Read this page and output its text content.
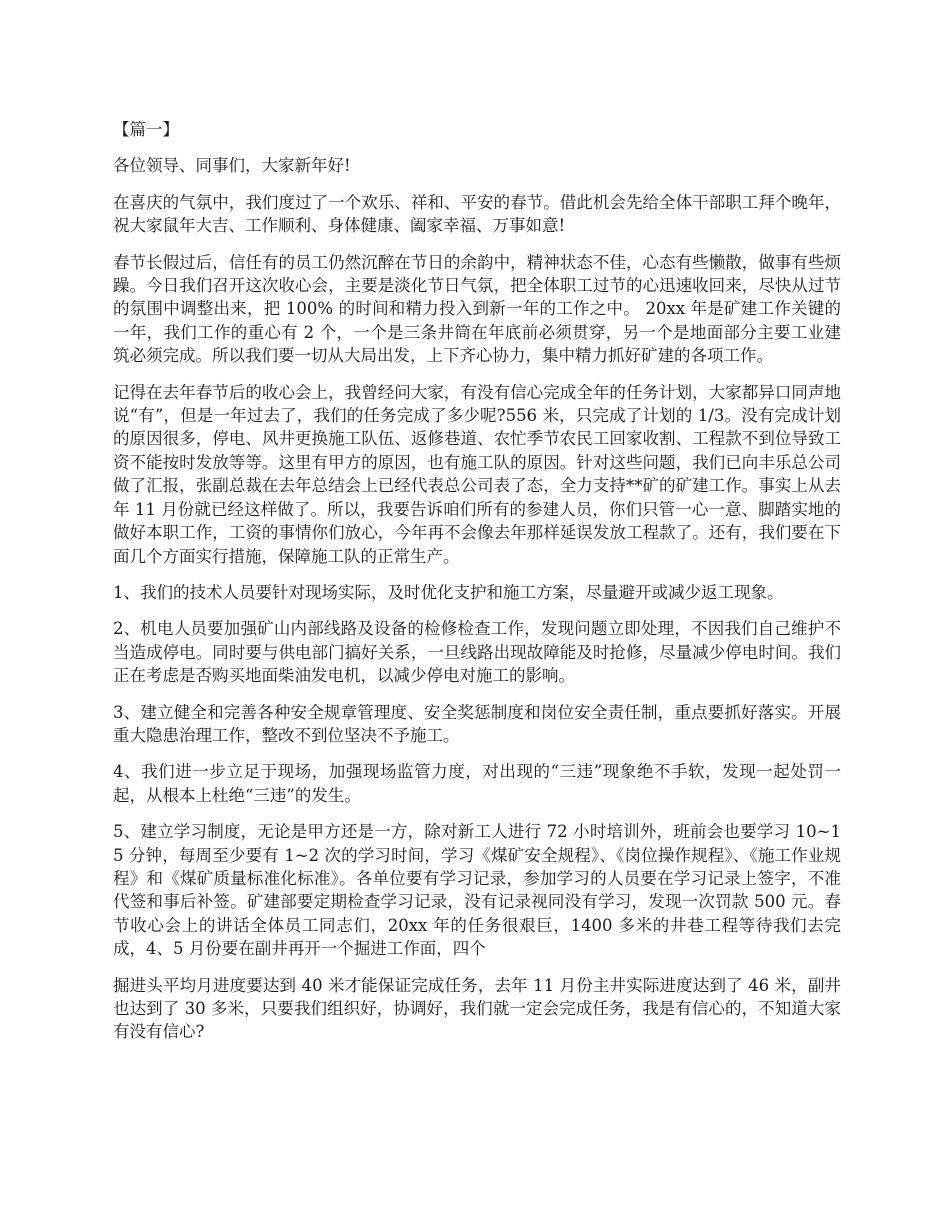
【篇一】

各位领导、同事们，大家新年好!

在喜庆的气氛中，我们度过了一个欢乐、祥和、平安的春节。借此机会先给全体干部职工拜个晚年，祝大家鼠年大吉、工作顺利、身体健康、阖家幸福、万事如意!

春节长假过后，信任有的员工仍然沉醉在节日的余韵中，精神状态不佳，心态有些懒散，做事有些烦躁。今日我们召开这次收心会，主要是淡化节日气氛，把全体职工过节的心迅速收回来，尽快从过节的氛围中调整出来，把 100% 的时间和精力投入到新一年的工作之中。 20xx 年是矿建工作关键的一年，我们工作的重心有 2 个，一个是三条井筒在年底前必须贯穿，另一个是地面部分主要工业建筑必须完成。所以我们要一切从大局出发，上下齐心协力，集中精力抓好矿建的各项工作。

记得在去年春节后的收心会上，我曾经问大家，有没有信心完成全年的任务计划，大家都异口同声地说“有”，但是一年过去了，我们的任务完成了多少呢?556 米，只完成了计划的 1/3。没有完成计划的原因很多，停电、风井更换施工队伍、返修巷道、农忙季节农民工回家收割、工程款不到位导致工资不能按时发放等等。这里有甲方的原因，也有施工队的原因。针对这些问题，我们已向丰乐总公司做了汇报，张副总裁在去年总结会上已经代表总公司表了态，全力支持**矿的矿建工作。事实上从去年 11 月份就已经这样做了。所以，我要告诉咱们所有的参建人员，你们只管一心一意、脚踏实地的做好本职工作，工资的事情你们放心，今年再不会像去年那样延误发放工程款了。还有，我们要在下面几个方面实行措施，保障施工队的正常生产。

1、我们的技术人员要针对现场实际，及时优化支护和施工方案，尽量避开或减少返工现象。

2、机电人员要加强矿山内部线路及设备的检修检查工作，发现问题立即处理，不因我们自己维护不当造成停电。同时要与供电部门搞好关系，一旦线路出现故障能及时抢修，尽量减少停电时间。我们正在考虑是否购买地面柴油发电机，以减少停电对施工的影响。

3、建立健全和完善各种安全规章管理度、安全奖惩制度和岗位安全责任制，重点要抓好落实。开展重大隐患治理工作，整改不到位坚决不予施工。

4、我们进一步立足于现场，加强现场监管力度，对出现的“三违”现象绝不手软，发现一起处罚一起，从根本上杜绝“三违”的发生。

5、建立学习制度，无论是甲方还是一方，除对新工人进行 72 小时培训外，班前会也要学习 10~15 分钟，每周至少要有 1~2 次的学习时间，学习《煤矿安全规程》、《岗位操作规程》、《施工作业规程》和《煤矿质量标准化标准》。各单位要有学习记录，参加学习的人员要在学习记录上签字，不准代签和事后补签。矿建部要定期检查学习记录，没有记录视同没有学习，发现一次罚款 500 元。春节收心会上的讲话全体员工同志们，20xx 年的任务很艰巨，1400 多米的井巷工程等待我们去完成，4、5 月份要在副井再开一个掘进工作面，四个

掘进头平均月进度要达到 40 米才能保证完成任务，去年 11 月份主井实际进度达到了 46 米，副井也达到了 30 多米，只要我们组织好，协调好，我们就一定会完成任务，我是有信心的，不知道大家有没有信心?
